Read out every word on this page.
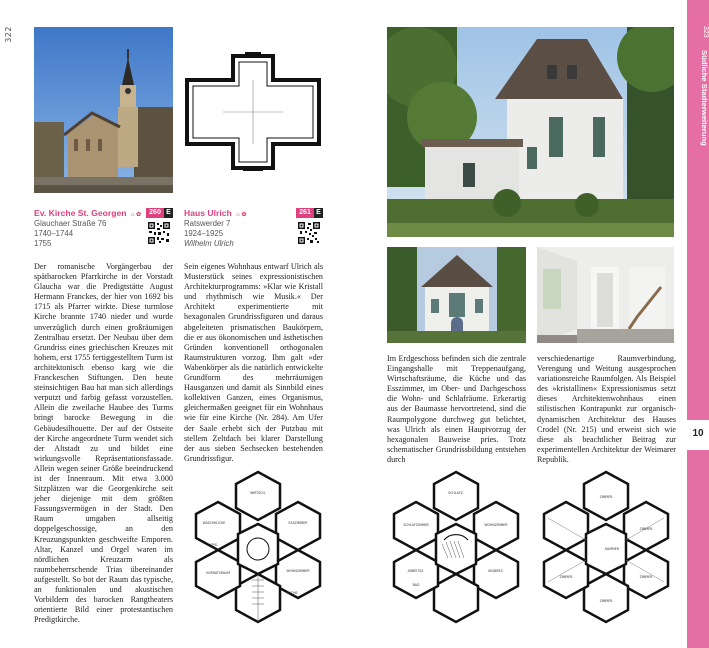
322
Ev. Kirche St. Georgen ⌂ ✿	260 E
Glauchaer Straße 76
1740–1744
1755
Haus Ulrich ⌂ ✿	261 E
Ratswerder 7
1924–1925
Wilhelm Ulrich
Der romanische Vorgängerbau der spätbarocken Pfarrkirche in der Vorstadt Glaucha war die Predigtstätte August Hermann Franckes, der hier von 1692 bis 1715 als Pfarrer wirkte. Diese turmlose Kirche brannte 1740 nieder und wurde unverzüglich durch einen großräumigen Zentralbau ersetzt. Der Neubau über dem Grundriss eines griechischen Kreuzes mit hohem, erst 1755 fertiggestelltem Turm ist architektonisch ebenso karg wie die Franckeschen Stiftungen. Den heute steinsichtigen Bau hat man sich allerdings verputzt und farbig gefasst vorzustellen. Allein die zweilache Haubee des Turms bringt barocke Bewegung in die Gebäudesilhouette. Der auf der Ostseite der Kirche angeordnete Turm wendet sich der Altstadt zu und bildet eine wirkungsvolle Repräsentationsfassade. Allein wegen seiner Größe beeindruckend ist der Innenraum. Mit etwa 3.000 Sitzplätzen war die Georgenkirche seit jeher diejenige mit dem größten Fassungsvermögen in der Stadt. Den Raum umgaben allseitig doppelgeschossige, an den Kreuzungspunkten geschweifte Emporen. Altar, Kanzel und Orgel waren im nördlichen Kreuzarm als raumbeherrschende Trias übereinander aufgestellt. So bot der Raum das typische, an funktionalen und akustischen Vorbildern des barocken Rangtheaters orientierte Bild einer protestantischen Predigtkirche.
Sein eigenes Wohnhaus entwarf Ulrich als Musterstück seines expressionistischen Architekturprogramms: »Klar wie Kristall und rhythmisch wie Musik.« Der Architekt experimentierte mit hexagonalen Grundrissfiguren und daraus abgeleiteten prismatischen Baukörpern, die er aus ökonomischen und ästhetischen Gründen konventionell orthogonalen Raumstrukturen vorzog. Ihm galt »der Wabenkörper als die natürlich entwickelte Grundform des mehrräumigen Hausganzen und damit als Sinnbild eines kollektiven Ganzen, eines Organismus, gleichermaßen geeignet für ein Wohnhaus wie für eine Kirche (Nr. 284). Am Ufer der Saale erhebt sich der Putzbau mit stellem Zeltdach bei klarer Darstellung der aus sieben Sechsecken bestehenden Grundrissfigur.
Im Erdgeschoss befinden sich die zentrale Eingangshalle mit Treppenaufgang, Wirtschaftsräume, die Küche und das Esszimmer, im Ober- und Dachgeschoss die Wohn- und Schlafräume. Erkerartig aus der Baumasse hervortretend, sind die Raumpolygone durchweg gut belichtet, was Ulrich als einen Hauptvorzug der hexagonalen Bauweise pries. Trotz schematischer Grundrissbildung entstehen durch
verschiedenartige Raumverbindung, Verengung und Weitung ausgesprochen variationsreiche Raumfolgen. Als Beispiel des »kristallinen« Expressionismus setzt dieses Architektenwohnhaus einen stilistischen Kontrapunkt zur organisch-dynamischen Architektur des Hauses Crodel (Nr. 215) und erweist sich wie diese als beachtlicher Beitrag zur experimentellen Architektur der Weimarer Republik.
WIRTSCH.
WASCHKÜCHE	ESSZIMMER
SPIS.
WOHNZIMMER
KÜCHE
VORRATSRAUM
SCHLAFZ.
SCHLAFZIMMER	WOHNZIMMER
ARBEITSZ.
BAD
KINDERZ.
ZIMMER
ZIMMER
KAMMER
ZIMMER
ZIMMER
ZIMMER
323
Südliche Stadterweiterung
10
